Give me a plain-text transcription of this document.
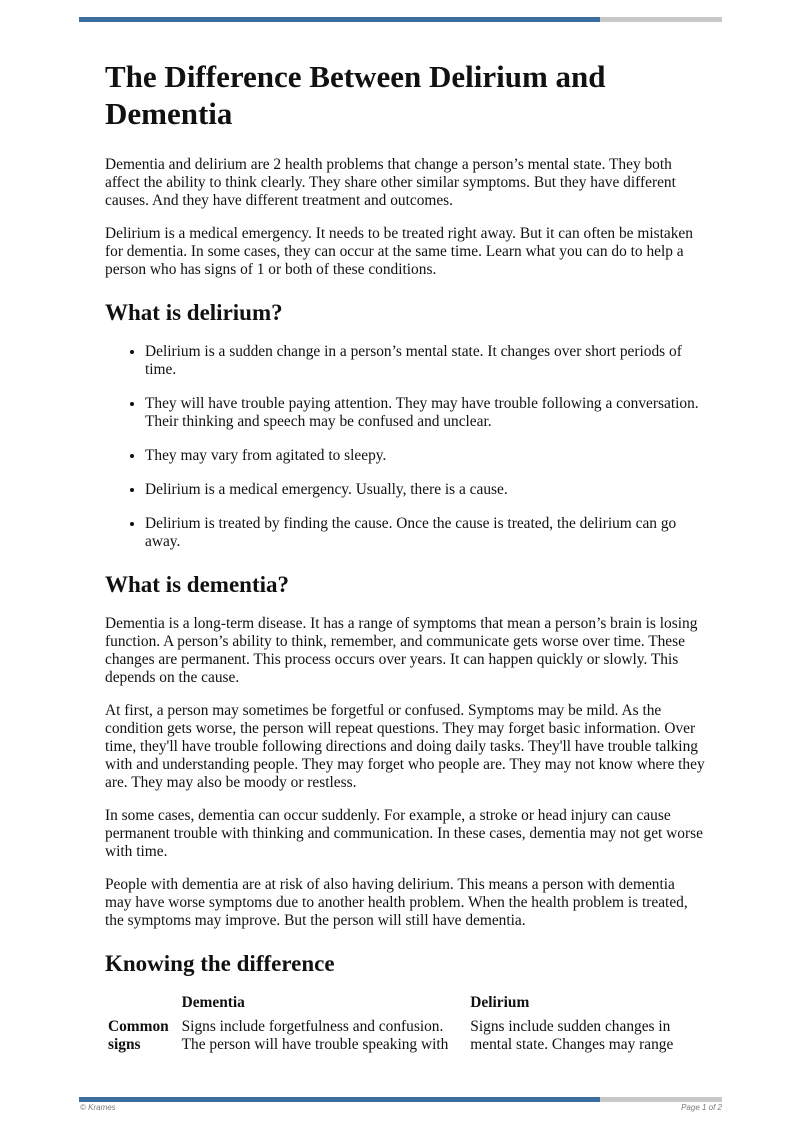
The Difference Between Delirium and Dementia

Dementia and delirium are 2 health problems that change a person’s mental state. They both affect the ability to think clearly. They share other similar symptoms. But they have different causes. And they have different treatment and outcomes.

Delirium is a medical emergency. It needs to be treated right away. But it can often be mistaken for dementia. In some cases, they can occur at the same time. Learn what you can do to help a person who has signs of 1 or both of these conditions.

What is delirium?
• Delirium is a sudden change in a person’s mental state. It changes over short periods of time.
• They will have trouble paying attention. They may have trouble following a conversation. Their thinking and speech may be confused and unclear.
• They may vary from agitated to sleepy.
• Delirium is a medical emergency. Usually, there is a cause.
• Delirium is treated by finding the cause. Once the cause is treated, the delirium can go away.
What is dementia?

Dementia is a long-term disease. It has a range of symptoms that mean a person’s brain is losing function. A person’s ability to think, remember, and communicate gets worse over time. These changes are permanent. This process occurs over years. It can happen quickly or slowly. This depends on the cause.

At first, a person may sometimes be forgetful or confused. Symptoms may be mild. As the condition gets worse, the person will repeat questions. They may forget basic information. Over time, they'll have trouble following directions and doing daily tasks. They'll have trouble talking with and understanding people. They may forget who people are. They may not know where they are. They may also be moody or restless.

In some cases, dementia can occur suddenly. For example, a stroke or head injury can cause permanent trouble with thinking and communication. In these cases, dementia may not get worse with time.

People with dementia are at risk of also having delirium. This means a person with dementia may have worse symptoms due to another health problem. When the health problem is treated, the symptoms may improve. But the person will still have dementia.

Knowing the difference
	Dementia	Delirium
Common signs	Signs include forgetfulness and confusion. The person will have trouble speaking with	Signs include sudden changes in mental state. Changes may range
© Krames	Page 1 of 2
